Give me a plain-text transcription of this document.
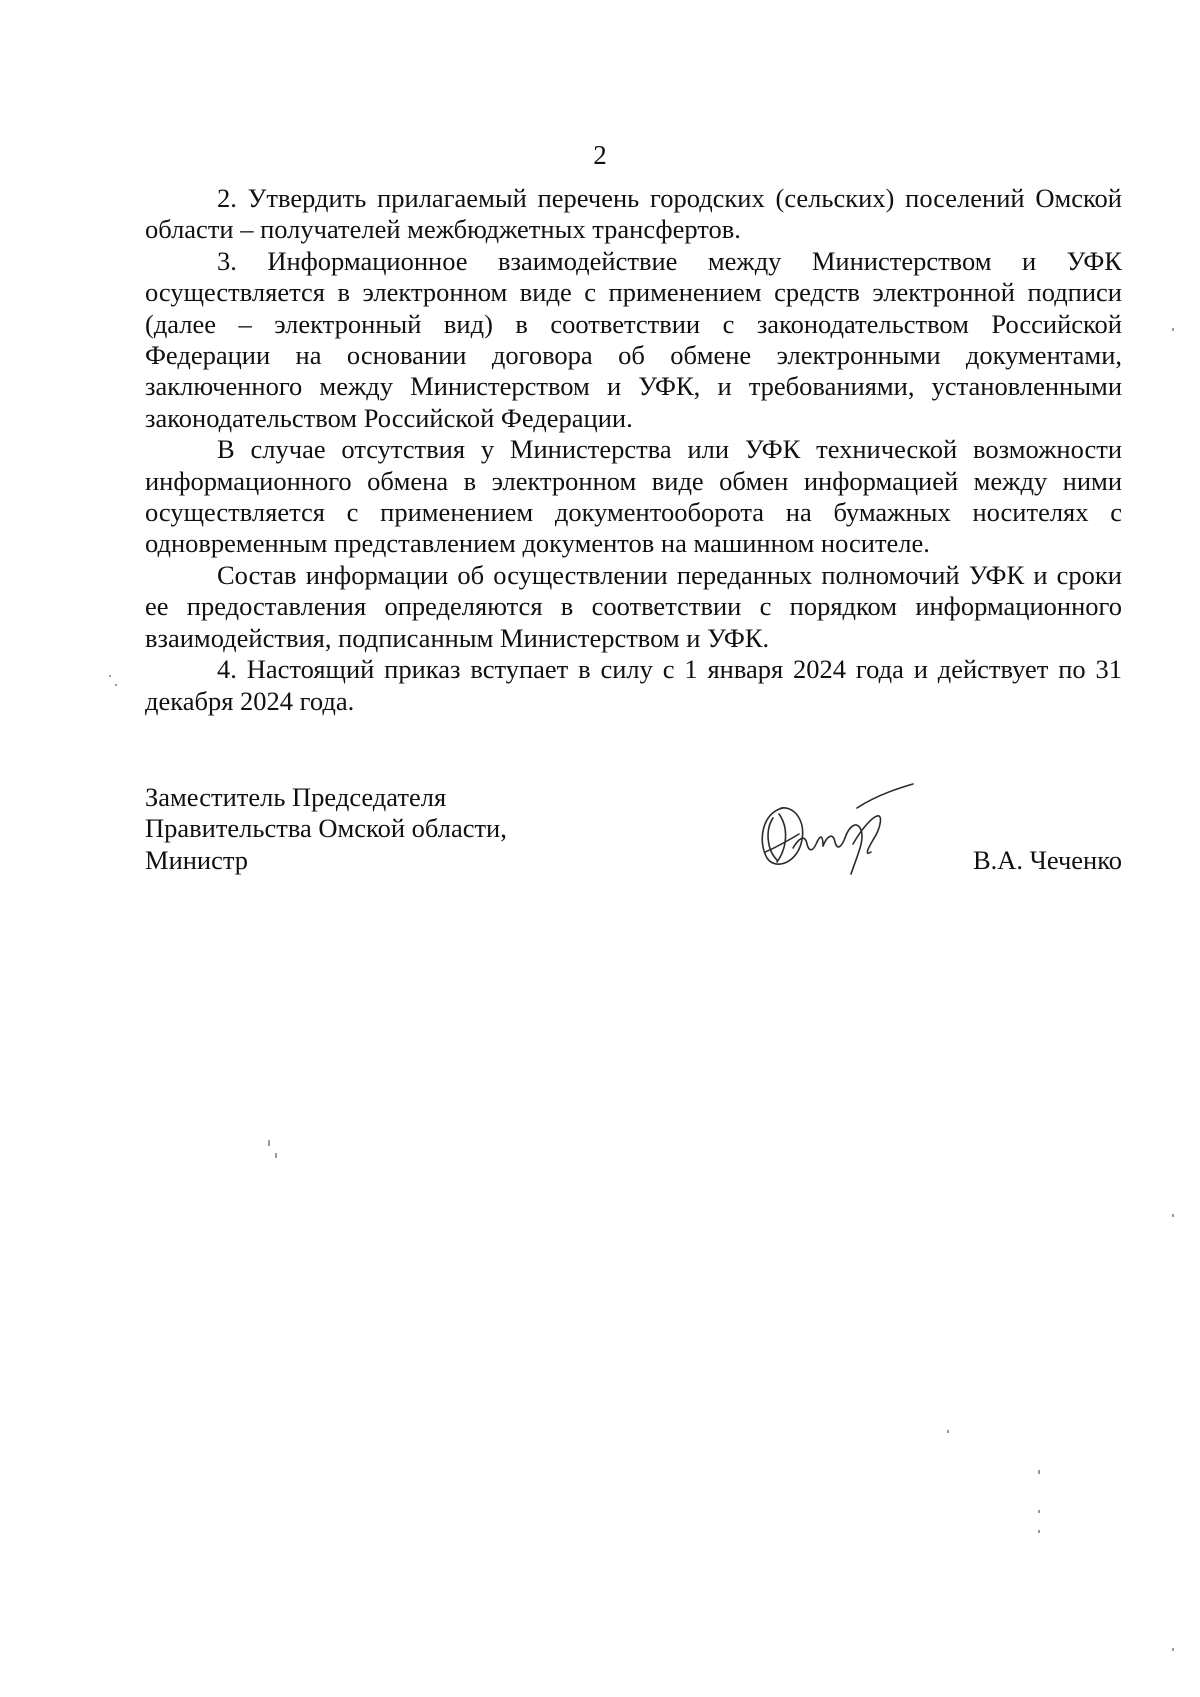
2

2. Утвердить прилагаемый перечень городских (сельских) поселений Омской области – получателей межбюджетных трансфертов.

3. Информационное взаимодействие между Министерством и УФК осуществляется в электронном виде с применением средств электронной подписи (далее – электронный вид) в соответствии с законодательством Российской Федерации на основании договора об обмене электронными документами, заключенного между Министерством и УФК, и требованиями, установленными законодательством Российской Федерации.

В случае отсутствия у Министерства или УФК технической возможности информационного обмена в электронном виде обмен информацией между ними осуществляется с применением документооборота на бумажных носителях с одновременным представлением документов на машинном носителе.

Состав информации об осуществлении переданных полномочий УФК и сроки ее предоставления определяются в соответствии с порядком информационного взаимодействия, подписанным Министерством и УФК.

4. Настоящий приказ вступает в силу с 1 января 2024 года и действует по 31 декабря 2024 года.

Заместитель Председателя
Правительства Омской области,
Министр	В.А. Чеченко
